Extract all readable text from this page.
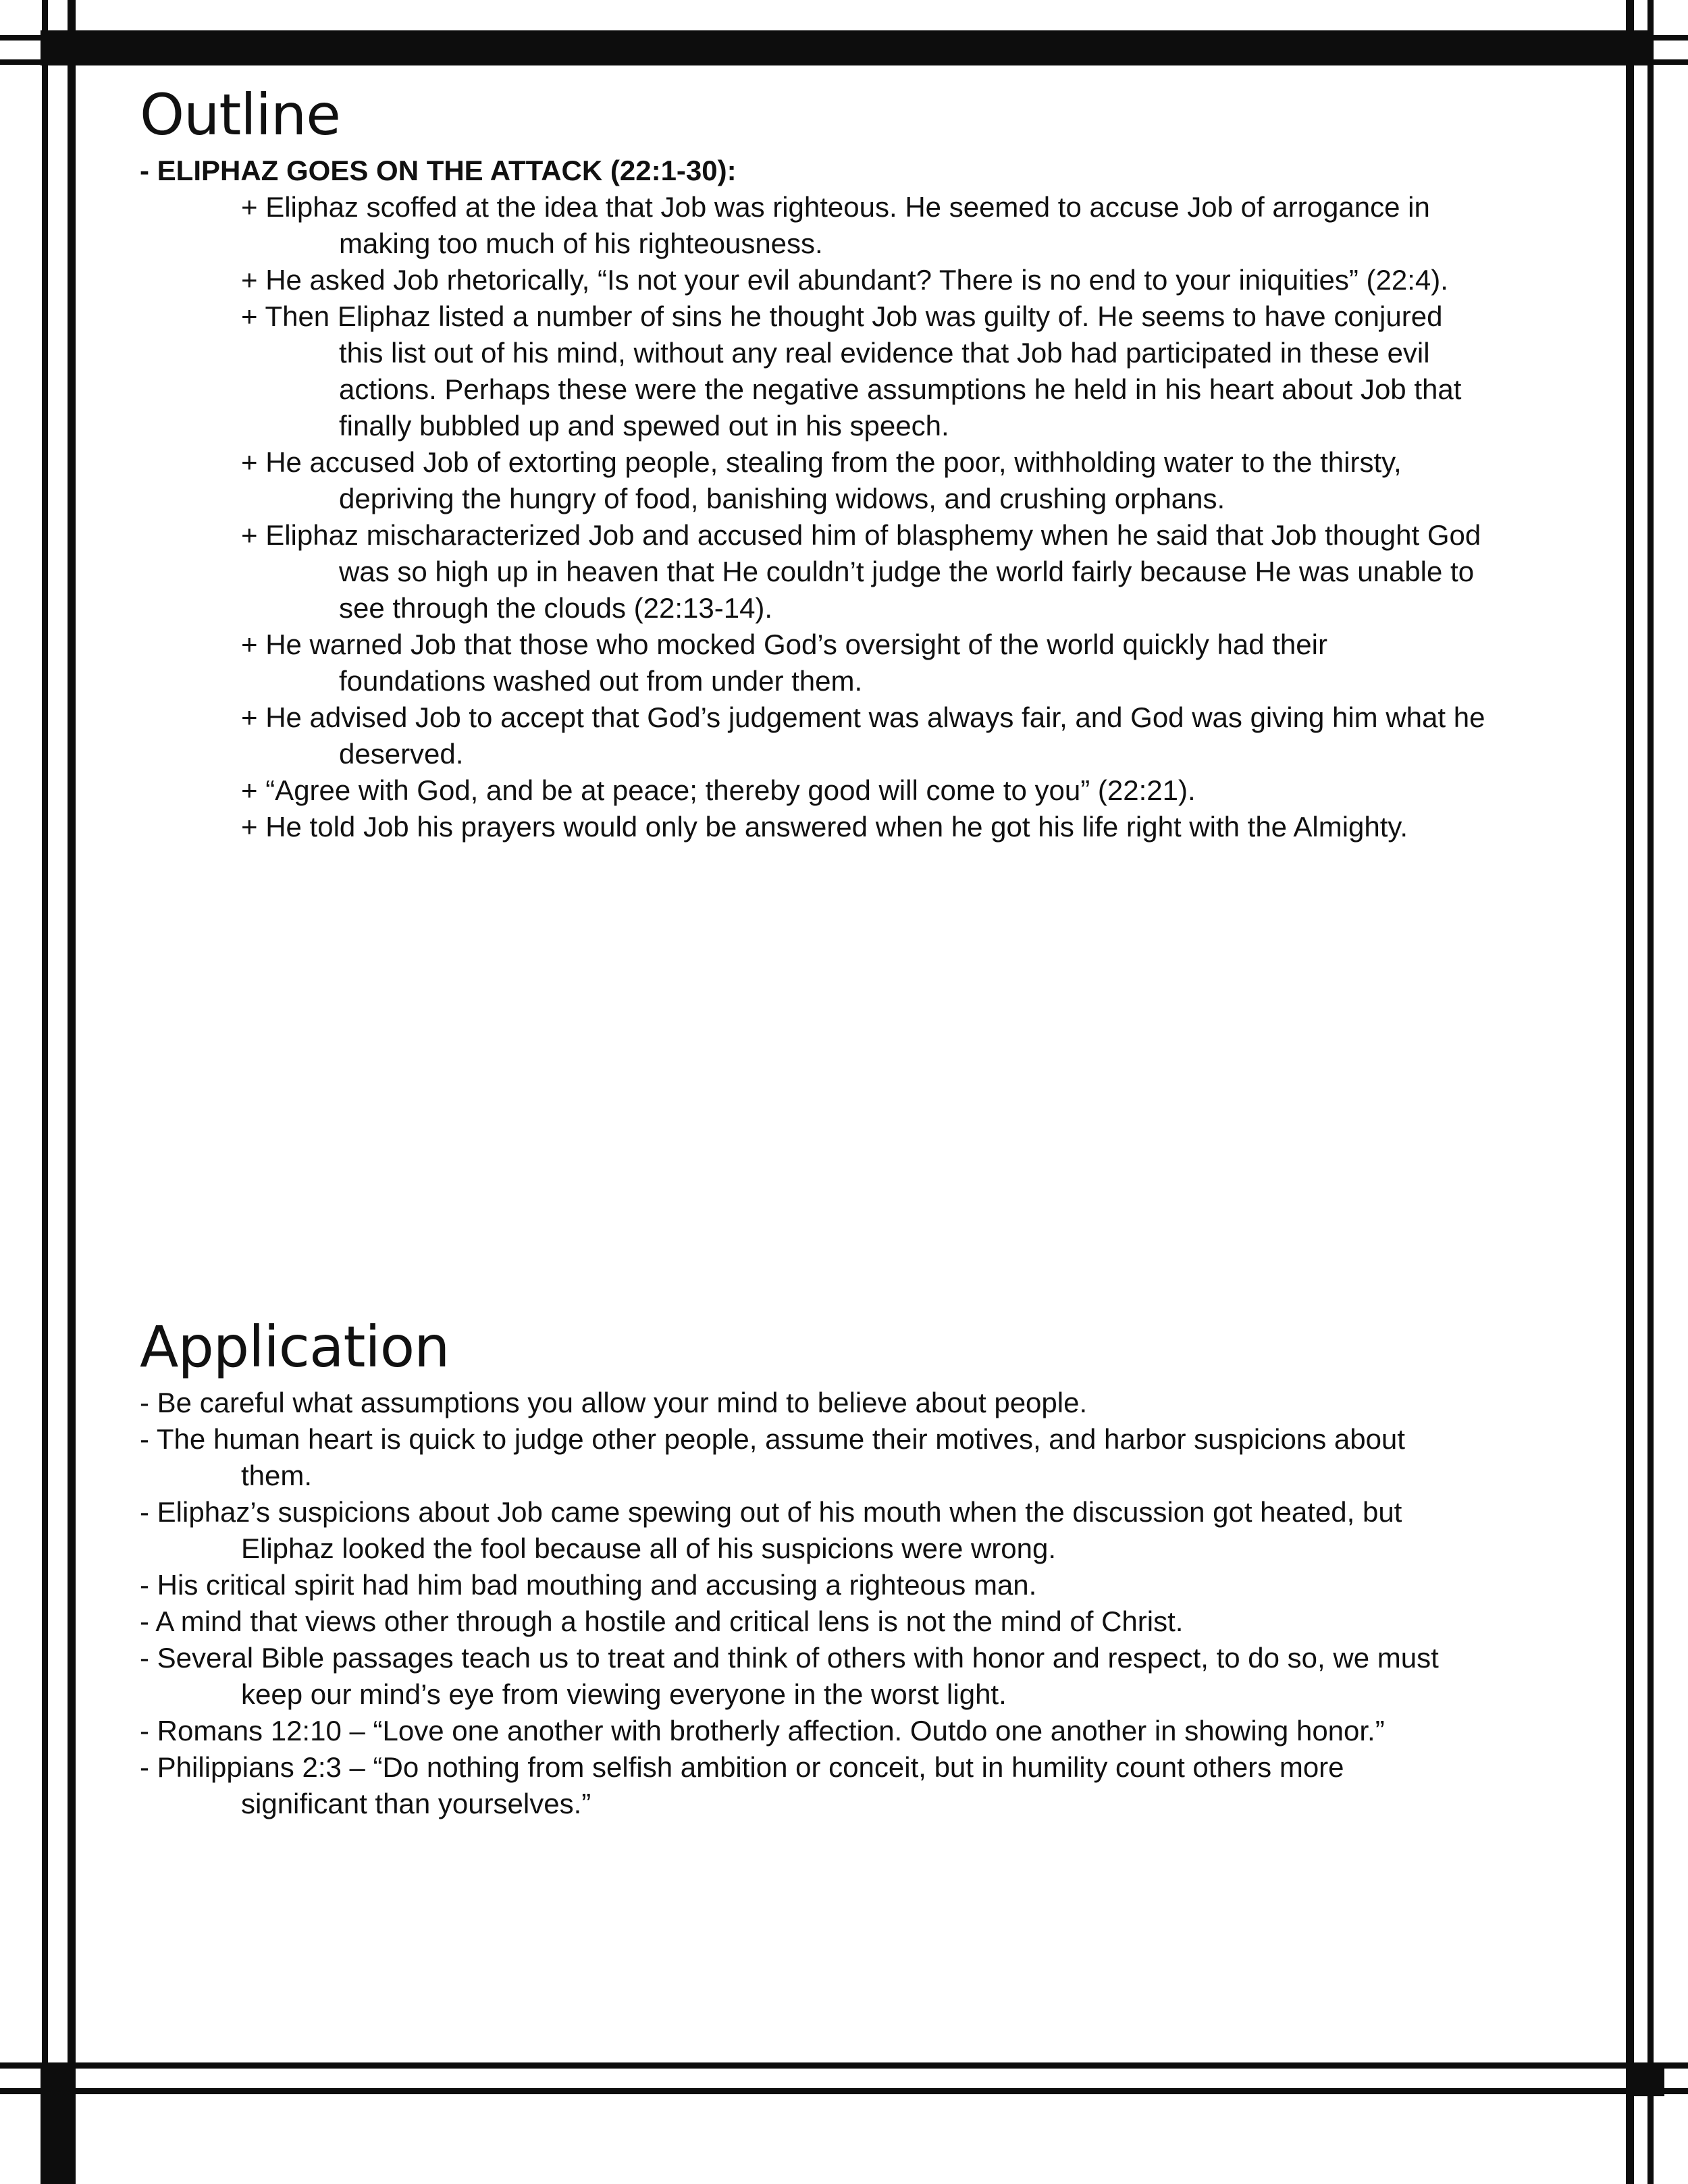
Outline
- ELIPHAZ GOES ON THE ATTACK (22:1-30):
+ Eliphaz scoffed at the idea that Job was righteous. He seemed to accuse Job of arrogance in
making too much of his righteousness.
+ He asked Job rhetorically, “Is not your evil abundant? There is no end to your iniquities” (22:4).
+ Then Eliphaz listed a number of sins he thought Job was guilty of. He seems to have conjured
this list out of his mind, without any real evidence that Job had participated in these evil
actions. Perhaps these were the negative assumptions he held in his heart about Job that
finally bubbled up and spewed out in his speech.
+ He accused Job of extorting people, stealing from the poor, withholding water to the thirsty,
depriving the hungry of food, banishing widows, and crushing orphans.
+ Eliphaz mischaracterized Job and accused him of blasphemy when he said that Job thought God
was so high up in heaven that He couldn’t judge the world fairly because He was unable to
see through the clouds (22:13-14).
+ He warned Job that those who mocked God’s oversight of the world quickly had their
foundations washed out from under them.
+ He advised Job to accept that God’s judgement was always fair, and God was giving him what he
deserved.
+ “Agree with God, and be at peace; thereby good will come to you” (22:21).
+ He told Job his prayers would only be answered when he got his life right with the Almighty.
Application
- Be careful what assumptions you allow your mind to believe about people.
- The human heart is quick to judge other people, assume their motives, and harbor suspicions about
them.
- Eliphaz’s suspicions about Job came spewing out of his mouth when the discussion got heated, but
Eliphaz looked the fool because all of his suspicions were wrong.
- His critical spirit had him bad mouthing and accusing a righteous man.
- A mind that views other through a hostile and critical lens is not the mind of Christ.
- Several Bible passages teach us to treat and think of others with honor and respect, to do so, we must
keep our mind’s eye from viewing everyone in the worst light.
- Romans 12:10 – “Love one another with brotherly affection. Outdo one another in showing honor.”
- Philippians 2:3 – “Do nothing from selfish ambition or conceit, but in humility count others more
significant than yourselves.”
